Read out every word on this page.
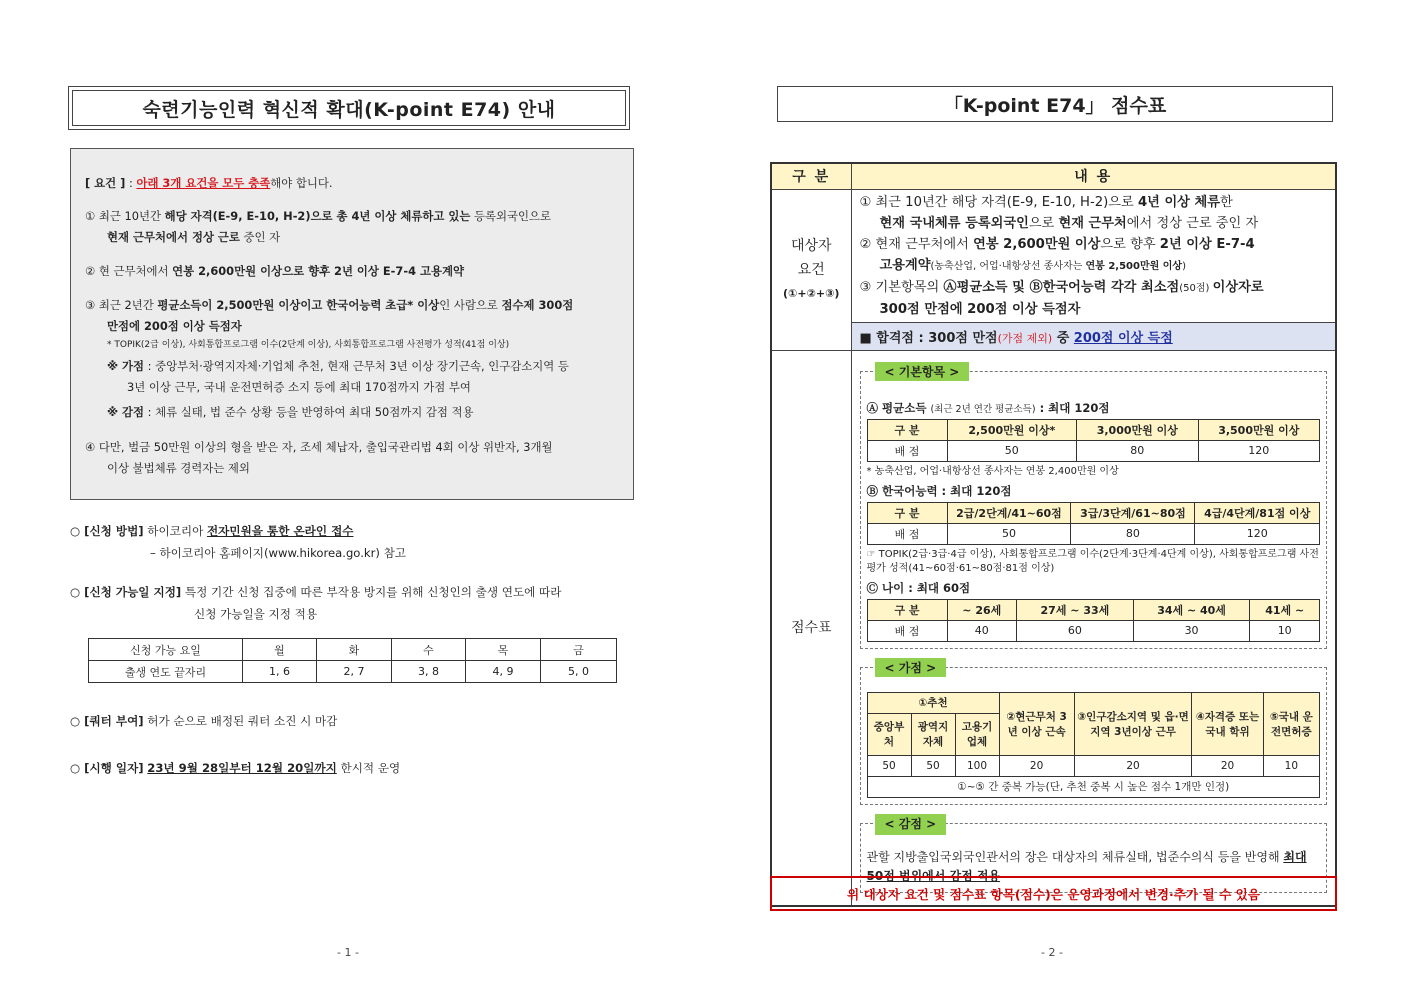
숙련기능인력 혁신적 확대(K-point E74) 안내

[ 요건 ] : 아래 3개 요건을 모두 충족해야 합니다.

① 최근 10년간 해당 자격(E-9, E-10, H-2)으로 총 4년 이상 체류하고 있는 등록외국인으로

현재 근무처에서 정상 근로 중인 자

② 현 근무처에서 연봉 2,600만원 이상으로 향후 2년 이상 E-7-4 고용계약

③ 최근 2년간 평균소득이 2,500만원 이상이고 한국어능력 초급* 이상인 사람으로 점수제 300점

만점에 200점 이상 득점자

* TOPIK(2급 이상), 사회통합프로그램 이수(2단계 이상), 사회통합프로그램 사전평가 성적(41점 이상)

※ 가점 : 중앙부처·광역지자체·기업체 추천, 현재 근무처 3년 이상 장기근속, 인구감소지역 등

3년 이상 근무, 국내 운전면허증 소지 등에 최대 170점까지 가점 부여

※ 감점 : 체류 실태, 법 준수 상황 등을 반영하여 최대 50점까지 감점 적용

④ 다만, 벌금 50만원 이상의 형을 받은 자, 조세 체납자, 출입국관리법 4회 이상 위반자, 3개월

이상 불법체류 경력자는 제외

○ [신청 방법] 하이코리아 전자민원을 통한 온라인 접수
– 하이코리아 홈페이지(www.hikorea.go.kr) 참고
○ [신청 가능일 지정] 특정 기간 신청 집중에 따른 부작용 방지를 위해 신청인의 출생 연도에 따라
신청 가능일을 지정 적용
신청 가능 요일	월	화	수	목	금
출생 연도 끝자리	1, 6	2, 7	3, 8	4, 9	5, 0
○ [쿼터 부여] 허가 순으로 배정된 쿼터 소진 시 마감
○ [시행 일자] 23년 9월 28일부터 12월 20일까지 한시적 운영
- 1 -
「K-point E74」 점수표
구 분	내 용

대상자
요건
(①+②+③)

① 최근 10년간 해당 자격(E-9, E-10, H-2)으로 4년 이상 체류한
현재 국내체류 등록외국인으로 현재 근무처에서 정상 근로 중인 자
② 현재 근무처에서 연봉 2,600만원 이상으로 향후 2년 이상 E-7-4
고용계약(농축산업, 어업·내항상선 종사자는 연봉 2,500만원 이상)
③ 기본항목의 Ⓐ평균소득 및 Ⓑ한국어능력 각각 최소점(50점) 이상자로
300점 만점에 200점 이상 득점자

■ 합격점 : 300점 만점(가점 제외) 중 200점 이상 득점
점수표	
< 기본항목 >
Ⓐ 평균소득 (최근 2년 연간 평균소득) : 최대 120점
구 분	2,500만원 이상*	3,000만원 이상	3,500만원 이상
배 점	50	80	120
* 농축산업, 어업·내항상선 종사자는 연봉 2,400만원 이상
Ⓑ 한국어능력 : 최대 120점
구 분	2급/2단계/41~60점	3급/3단계/61~80점	4급/4단계/81점 이상
배 점	50	80	120
☞ TOPIK(2급·3급·4급 이상), 사회통합프로그램 이수(2단계·3단계·4단계 이상), 사회통합프로그램 사전평가 성적(41~60점·61~80점·81점 이상)
Ⓒ 나이 : 최대 60점
구 분	~ 26세	27세 ~ 33세	34세 ~ 40세	41세 ~
배 점	40	60	30	10
< 가점 >
①추천	②현근무처 3년 이상 근속	③인구감소지역 및 읍·면지역 3년이상 근무	④자격증 또는 국내 학위	⑤국내 운전면허증
중앙부처	광역지자체	고용기업체
50	50	100	20	20	20	10
①~⑤ 간 중복 가능(단, 추천 중복 시 높은 점수 1개만 인정)
< 감점 >
관할 지방출입국외국인관서의 장은 대상자의 체류실태, 법준수의식 등을 반영해 최대 50점 범위에서 감점 적용
위 대상자 요건 및 점수표 항목(점수)은 운영과정에서 변경·추가 될 수 있음
- 2 -
